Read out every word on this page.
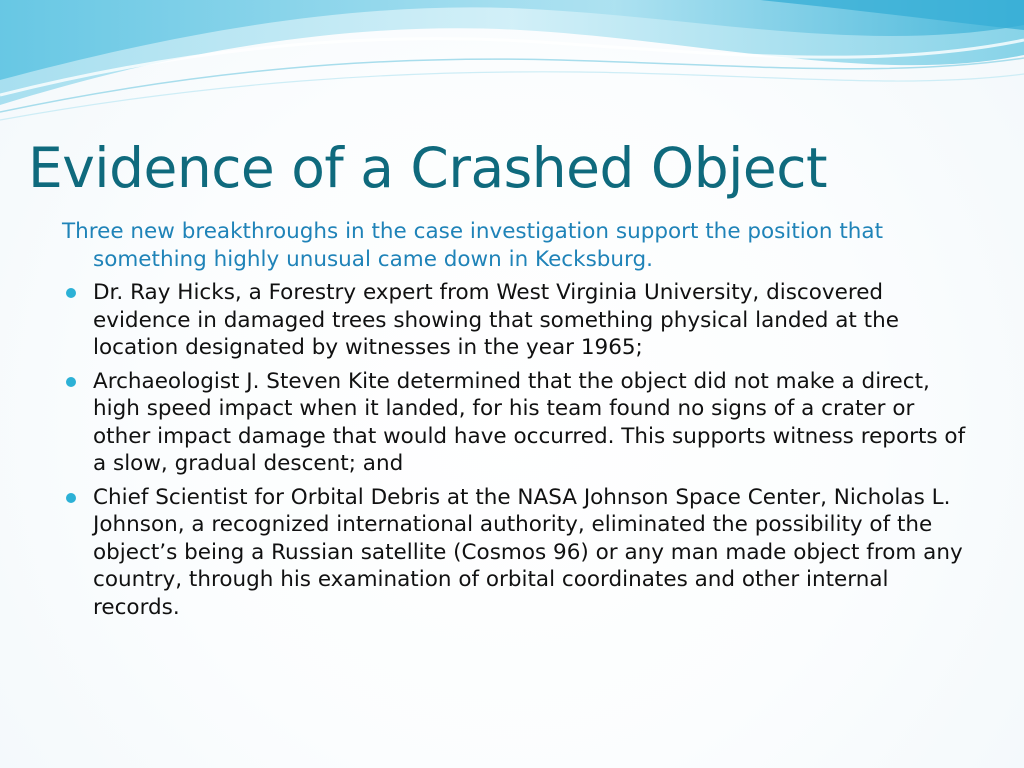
Evidence of a Crashed Object

Three new breakthroughs in the case investigation support the position that something highly unusual came down in Kecksburg.

Dr. Ray Hicks, a Forestry expert from West Virginia University, discovered evidence in damaged trees showing that something physical landed at the location designated by witnesses in the year 1965;
Archaeologist J. Steven Kite determined that the object did not make a direct, high speed impact when it landed, for his team found no signs of a crater or other impact damage that would have occurred. This supports witness reports of a slow, gradual descent; and
Chief Scientist for Orbital Debris at the NASA Johnson Space Center, Nicholas L. Johnson, a recognized international authority, eliminated the possibility of the object’s being a Russian satellite (Cosmos 96) or any man made object from any country, through his examination of orbital coordinates and other internal records.
